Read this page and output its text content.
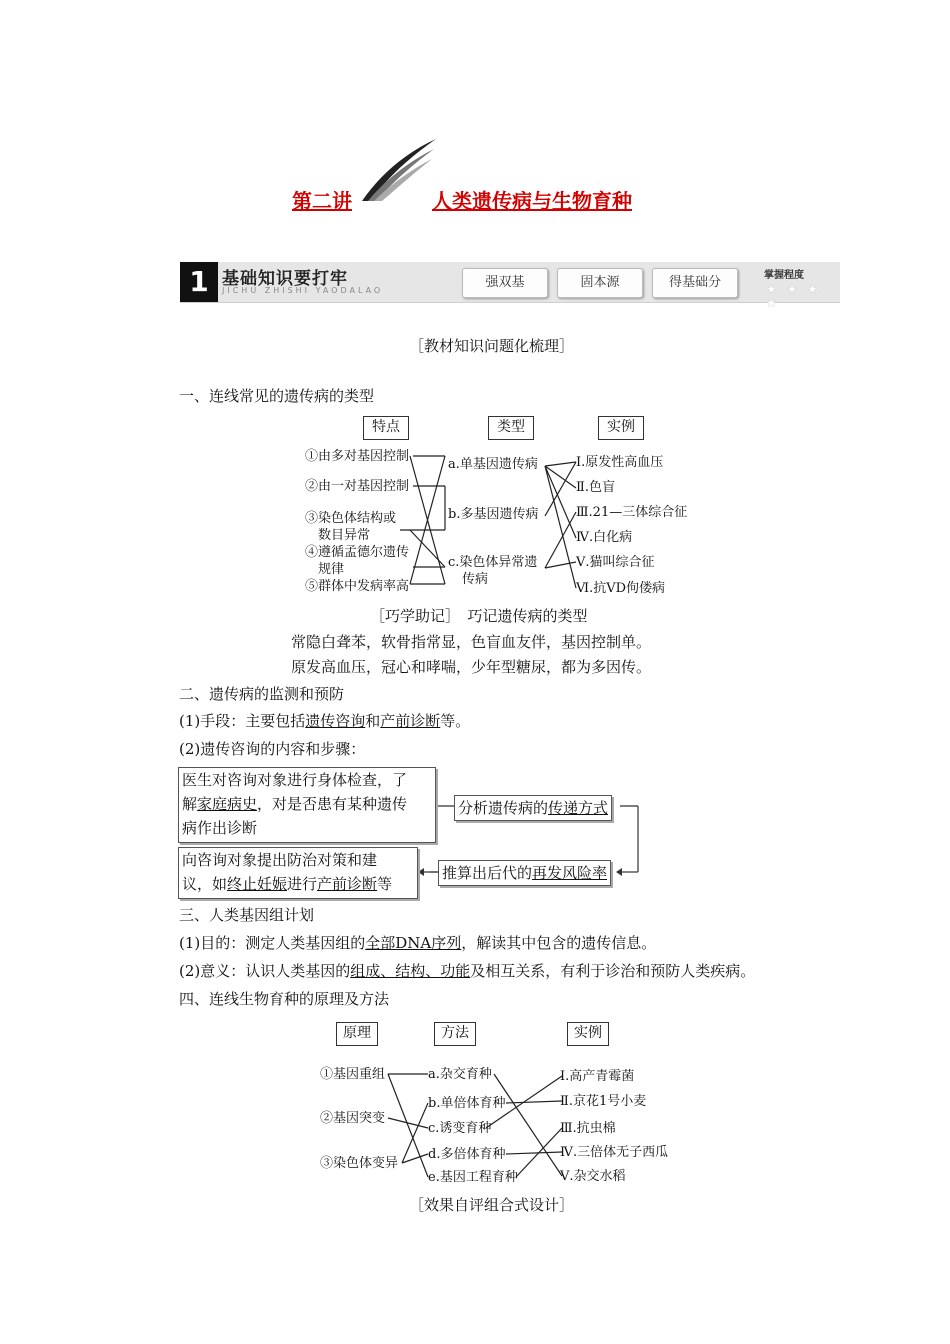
第二讲	人类遗传病与生物育种
1 基础知识要打牢
JICHU ZHISHI YAODALAO
强双基	固本源	得基础分	掌握程度
★ ★ ★ ★
［教材知识问题化梳理］
一、连线常见的遗传病的类型
特点	类型	实例
①由多对基因控制
②由一对基因控制
③染色体结构或
数目异常
④遵循孟德尔遗传
规律
⑤群体中发病率高
a.单基因遗传病
b.多基因遗传病
c.染色体异常遗
传病
Ⅰ.原发性高血压
Ⅱ.色盲
Ⅲ.21—三体综合征
Ⅳ.白化病
Ⅴ.猫叫综合征
Ⅵ.抗VD佝偻病
［巧学助记］　巧记遗传病的类型
常隐白聋苯，软骨指常显，色盲血友伴，基因控制单。
原发高血压，冠心和哮喘，少年型糖尿，都为多因传。
二、遗传病的监测和预防
(1)手段：主要包括遗传咨询和产前诊断等。
(2)遗传咨询的内容和步骤：
医生对咨询对象进行身体检查，了
解家庭病史，对是否患有某种遗传
病作出诊断
分析遗传病的传递方式
推算出后代的再发风险率
向咨询对象提出防治对策和建
议，如终止妊娠进行产前诊断等
三、人类基因组计划
(1)目的：测定人类基因组的全部DNA序列，解读其中包含的遗传信息。
(2)意义：认识人类基因的组成、结构、功能及相互关系，有利于诊治和预防人类疾病。
四、连线生物育种的原理及方法
原理	方法	实例
①基因重组
②基因突变
③染色体变异
a.杂交育种
b.单倍体育种
c.诱变育种
d.多倍体育种
e.基因工程育种
Ⅰ.高产青霉菌
Ⅱ.京花1号小麦
Ⅲ.抗虫棉
Ⅳ.三倍体无子西瓜
Ⅴ.杂交水稻
［效果自评组合式设计］
